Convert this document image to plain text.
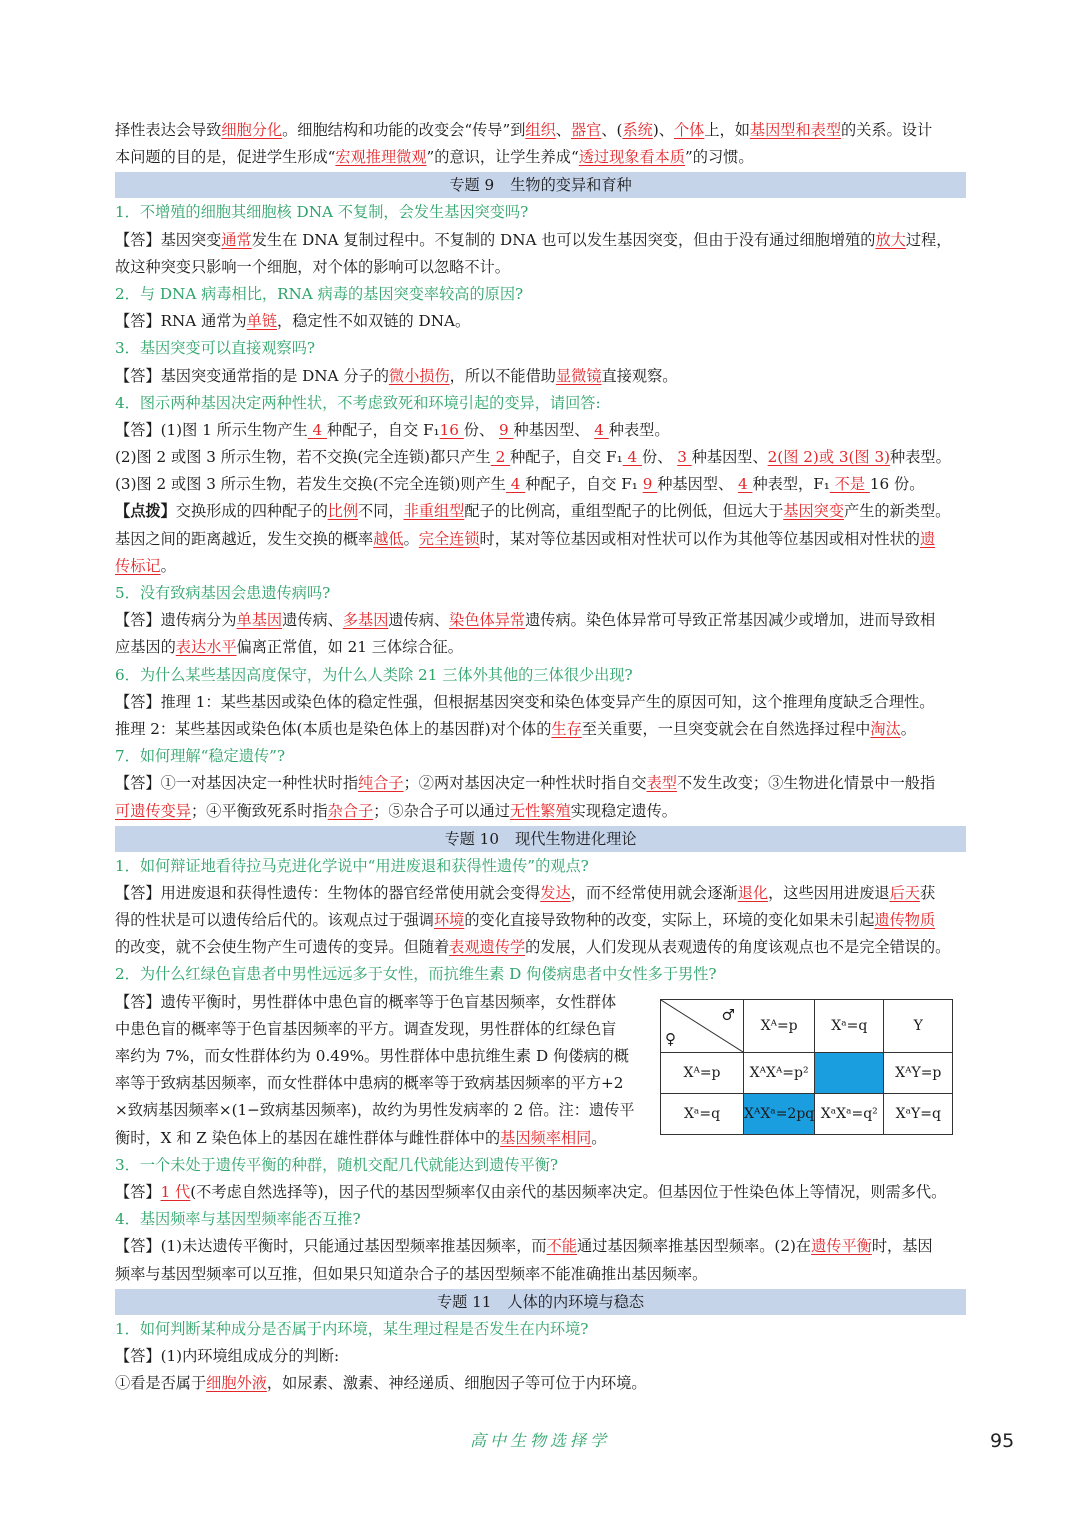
择性表达会导致细胞分化。细胞结构和功能的改变会“传导”到组织、器官、(系统)、个体上，如基因型和表型的关系。设计
本问题的目的是，促进学生形成“宏观推理微观”的意识，让学生养成“透过现象看本质”的习惯。
专题 9 生物的变异和育种
1．不增殖的细胞其细胞核 DNA 不复制，会发生基因突变吗?
【答】基因突变通常发生在 DNA 复制过程中。不复制的 DNA 也可以发生基因突变，但由于没有通过细胞增殖的放大过程，
故这种突变只影响一个细胞，对个体的影响可以忽略不计。
2．与 DNA 病毒相比，RNA 病毒的基因突变率较高的原因?
【答】RNA 通常为单链，稳定性不如双链的 DNA。
3．基因突变可以直接观察吗?
【答】基因突变通常指的是 DNA 分子的微小损伤，所以不能借助显微镜直接观察。
4．图示两种基因决定两种性状，不考虑致死和环境引起的变异，请回答:
【答】(1)图 1 所示生物产生 4 种配子，自交 F₁16 份、 9 种基因型、 4 种表型。
(2)图 2 或图 3 所示生物，若不交换(完全连锁)都只产生 2 种配子，自交 F₁ 4 份、 3 种基因型、2(图 2)或 3(图 3)种表型。
(3)图 2 或图 3 所示生物，若发生交换(不完全连锁)则产生 4 种配子，自交 F₁ 9 种基因型、 4 种表型，F₁ 不是 16 份。
【点拨】交换形成的四种配子的比例不同，非重组型配子的比例高，重组型配子的比例低，但远大于基因突变产生的新类型。
基因之间的距离越近，发生交换的概率越低。完全连锁时，某对等位基因或相对性状可以作为其他等位基因或相对性状的遗
传标记。
5．没有致病基因会患遗传病吗?
【答】遗传病分为单基因遗传病、多基因遗传病、染色体异常遗传病。染色体异常可导致正常基因减少或增加，进而导致相
应基因的表达水平偏离正常值，如 21 三体综合征。
6．为什么某些基因高度保守，为什么人类除 21 三体外其他的三体很少出现?
【答】推理 1：某些基因或染色体的稳定性强，但根据基因突变和染色体变异产生的原因可知，这个推理角度缺乏合理性。
推理 2：某些基因或染色体(本质也是染色体上的基因群)对个体的生存至关重要，一旦突变就会在自然选择过程中淘汰。
7．如何理解“稳定遗传”?
【答】①一对基因决定一种性状时指纯合子；②两对基因决定一种性状时指自交表型不发生改变；③生物进化情景中一般指
可遗传变异；④平衡致死系时指杂合子；⑤杂合子可以通过无性繁殖实现稳定遗传。
专题 10 现代生物进化理论
1．如何辩证地看待拉马克进化学说中“用进废退和获得性遗传”的观点?
【答】用进废退和获得性遗传：生物体的器官经常使用就会变得发达，而不经常使用就会逐渐退化，这些因用进废退后天获
得的性状是可以遗传给后代的。该观点过于强调环境的变化直接导致物种的改变，实际上，环境的变化如果未引起遗传物质
的改变，就不会使生物产生可遗传的变异。但随着表观遗传学的发展，人们发现从表观遗传的角度该观点也不是完全错误的。
2．为什么红绿色盲患者中男性远远多于女性，而抗维生素 D 佝偻病患者中女性多于男性?
【答】遗传平衡时，男性群体中患色盲的概率等于色盲基因频率，女性群体
中患色盲的概率等于色盲基因频率的平方。调查发现，男性群体的红绿色盲
率约为 7%，而女性群体约为 0.49%。男性群体中患抗维生素 D 佝偻病的概
率等于致病基因频率，而女性群体中患病的概率等于致病基因频率的平方+2
×致病基因频率×(1−致病基因频率)，故约为男性发病率的 2 倍。注：遗传平
衡时，X 和 Z 染色体上的基因在雄性群体与雌性群体中的基因频率相同。
♂
♀	Xᴬ=p	Xᵃ=q	Y
Xᴬ=p	XᴬXᴬ=p²		XᴬY=p
Xᵃ=q	XᴬXᵃ=2pq	XᵃXᵃ=q²	XᵃY=q
3．一个未处于遗传平衡的种群，随机交配几代就能达到遗传平衡?
【答】1 代(不考虑自然选择等)，因子代的基因型频率仅由亲代的基因频率决定。但基因位于性染色体上等情况，则需多代。
4．基因频率与基因型频率能否互推?
【答】(1)未达遗传平衡时，只能通过基因型频率推基因频率，而不能通过基因频率推基因型频率。(2)在遗传平衡时，基因
频率与基因型频率可以互推，但如果只知道杂合子的基因型频率不能准确推出基因频率。
专题 11 人体的内环境与稳态
1．如何判断某种成分是否属于内环境，某生理过程是否发生在内环境?
【答】(1)内环境组成成分的判断:
①看是否属于细胞外液，如尿素、激素、神经递质、细胞因子等可位于内环境。
高中生物选择学	95
